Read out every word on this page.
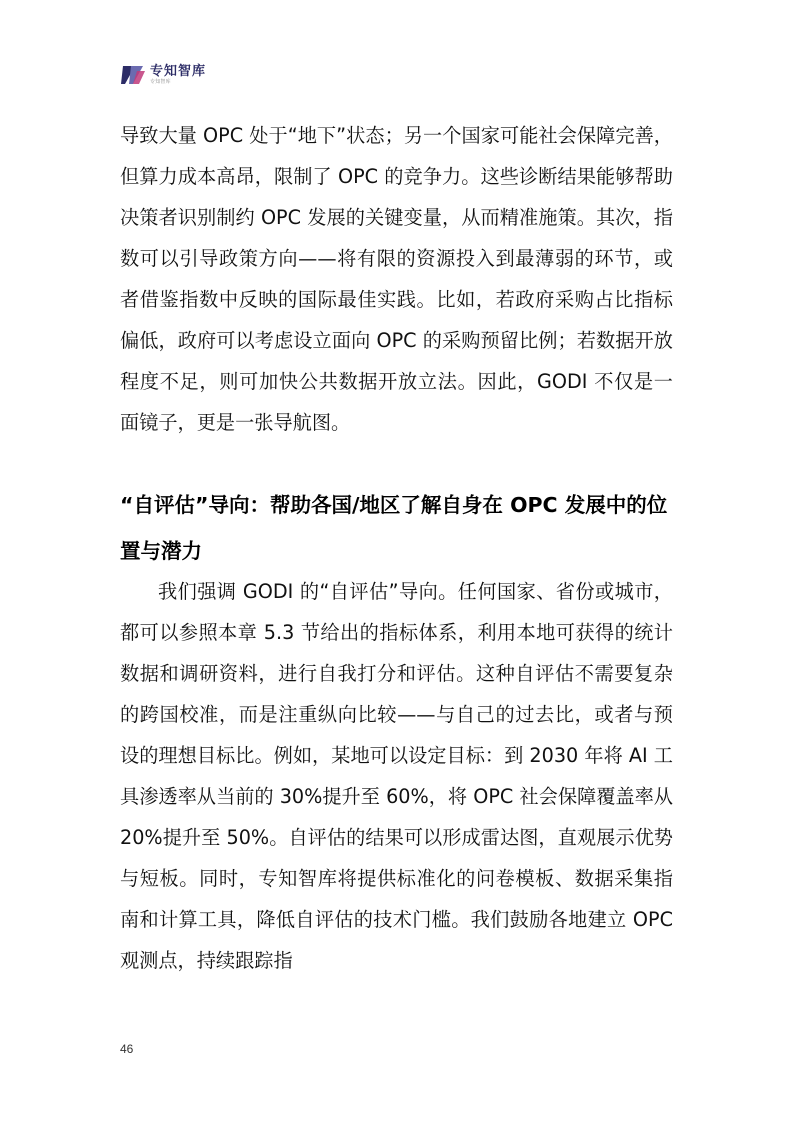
专知智库
专知智库

导致大量 OPC 处于“地下”状态；另一个国家可能社会保障完善，但算力成本高昂，限制了 OPC 的竞争力。这些诊断结果能够帮助决策者识别制约 OPC 发展的关键变量，从而精准施策。其次，指数可以引导政策方向——将有限的资源投入到最薄弱的环节，或者借鉴指数中反映的国际最佳实践。比如，若政府采购占比指标偏低，政府可以考虑设立面向 OPC 的采购预留比例；若数据开放程度不足，则可加快公共数据开放立法。因此，GODI 不仅是一面镜子，更是一张导航图。

“自评估”导向：帮助各国/地区了解自身在 OPC 发展中的位置与潜力

我们强调 GODI 的“自评估”导向。任何国家、省份或城市，都可以参照本章 5.3 节给出的指标体系，利用本地可获得的统计数据和调研资料，进行自我打分和评估。这种自评估不需要复杂的跨国校准，而是注重纵向比较——与自己的过去比，或者与预设的理想目标比。例如，某地可以设定目标：到 2030 年将 AI 工具渗透率从当前的 30%提升至 60%，将 OPC 社会保障覆盖率从 20%提升至 50%。自评估的结果可以形成雷达图，直观展示优势与短板。同时，专知智库将提供标准化的问卷模板、数据采集指南和计算工具，降低自评估的技术门槛。我们鼓励各地建立 OPC 观测点，持续跟踪指

46
